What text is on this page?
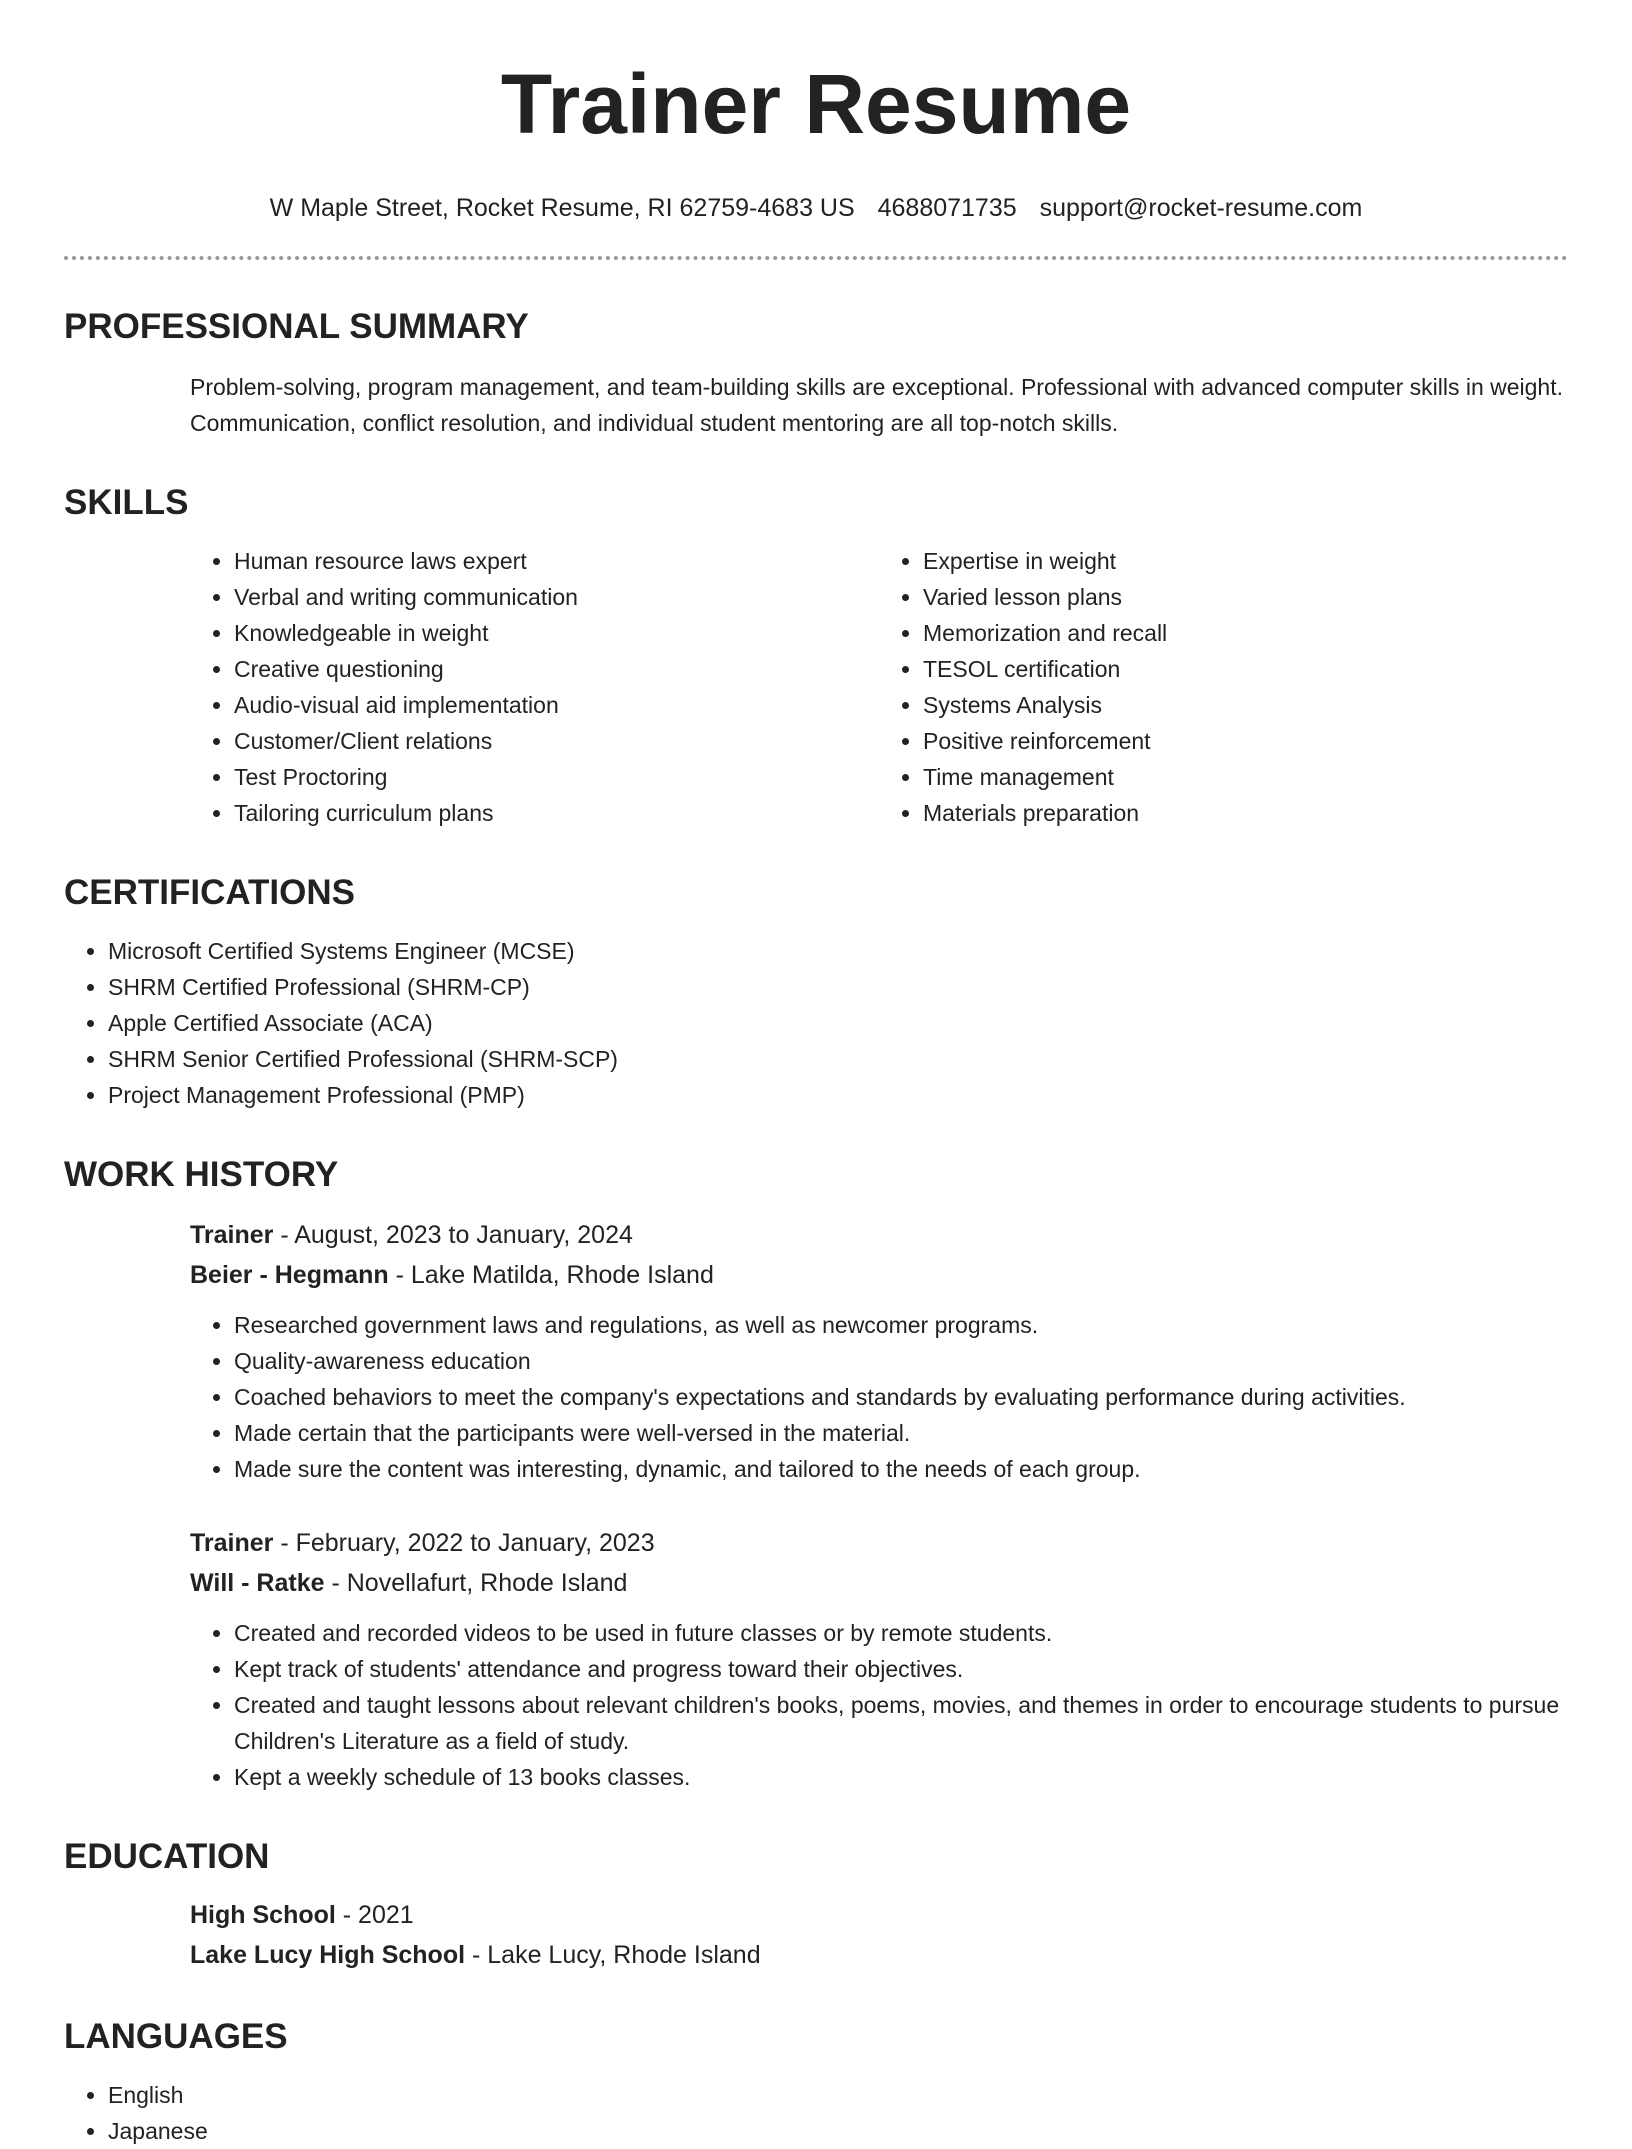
Trainer Resume
W Maple Street, Rocket Resume, RI 62759-4683 US 4688071735 support@rocket-resume.com
PROFESSIONAL SUMMARY
Problem-solving, program management, and team-building skills are exceptional. Professional with advanced computer skills in weight. Communication, conflict resolution, and individual student mentoring are all top-notch skills.
SKILLS
• Human resource laws expert
• Verbal and writing communication
• Knowledgeable in weight
• Creative questioning
• Audio-visual aid implementation
• Customer/Client relations
• Test Proctoring
• Tailoring curriculum plans
• Expertise in weight
• Varied lesson plans
• Memorization and recall
• TESOL certification
• Systems Analysis
• Positive reinforcement
• Time management
• Materials preparation
CERTIFICATIONS
• Microsoft Certified Systems Engineer (MCSE)
• SHRM Certified Professional (SHRM-CP)
• Apple Certified Associate (ACA)
• SHRM Senior Certified Professional (SHRM-SCP)
• Project Management Professional (PMP)
WORK HISTORY
Trainer - August, 2023 to January, 2024
Beier - Hegmann - Lake Matilda, Rhode Island
• Researched government laws and regulations, as well as newcomer programs.
• Quality-awareness education
• Coached behaviors to meet the company's expectations and standards by evaluating performance during activities.
• Made certain that the participants were well-versed in the material.
• Made sure the content was interesting, dynamic, and tailored to the needs of each group.
Trainer - February, 2022 to January, 2023
Will - Ratke - Novellafurt, Rhode Island
• Created and recorded videos to be used in future classes or by remote students.
• Kept track of students' attendance and progress toward their objectives.
• Created and taught lessons about relevant children's books, poems, movies, and themes in order to encourage students to pursue Children's Literature as a field of study.
• Kept a weekly schedule of 13 books classes.
EDUCATION
High School - 2021
Lake Lucy High School - Lake Lucy, Rhode Island
LANGUAGES
• English
• Japanese
